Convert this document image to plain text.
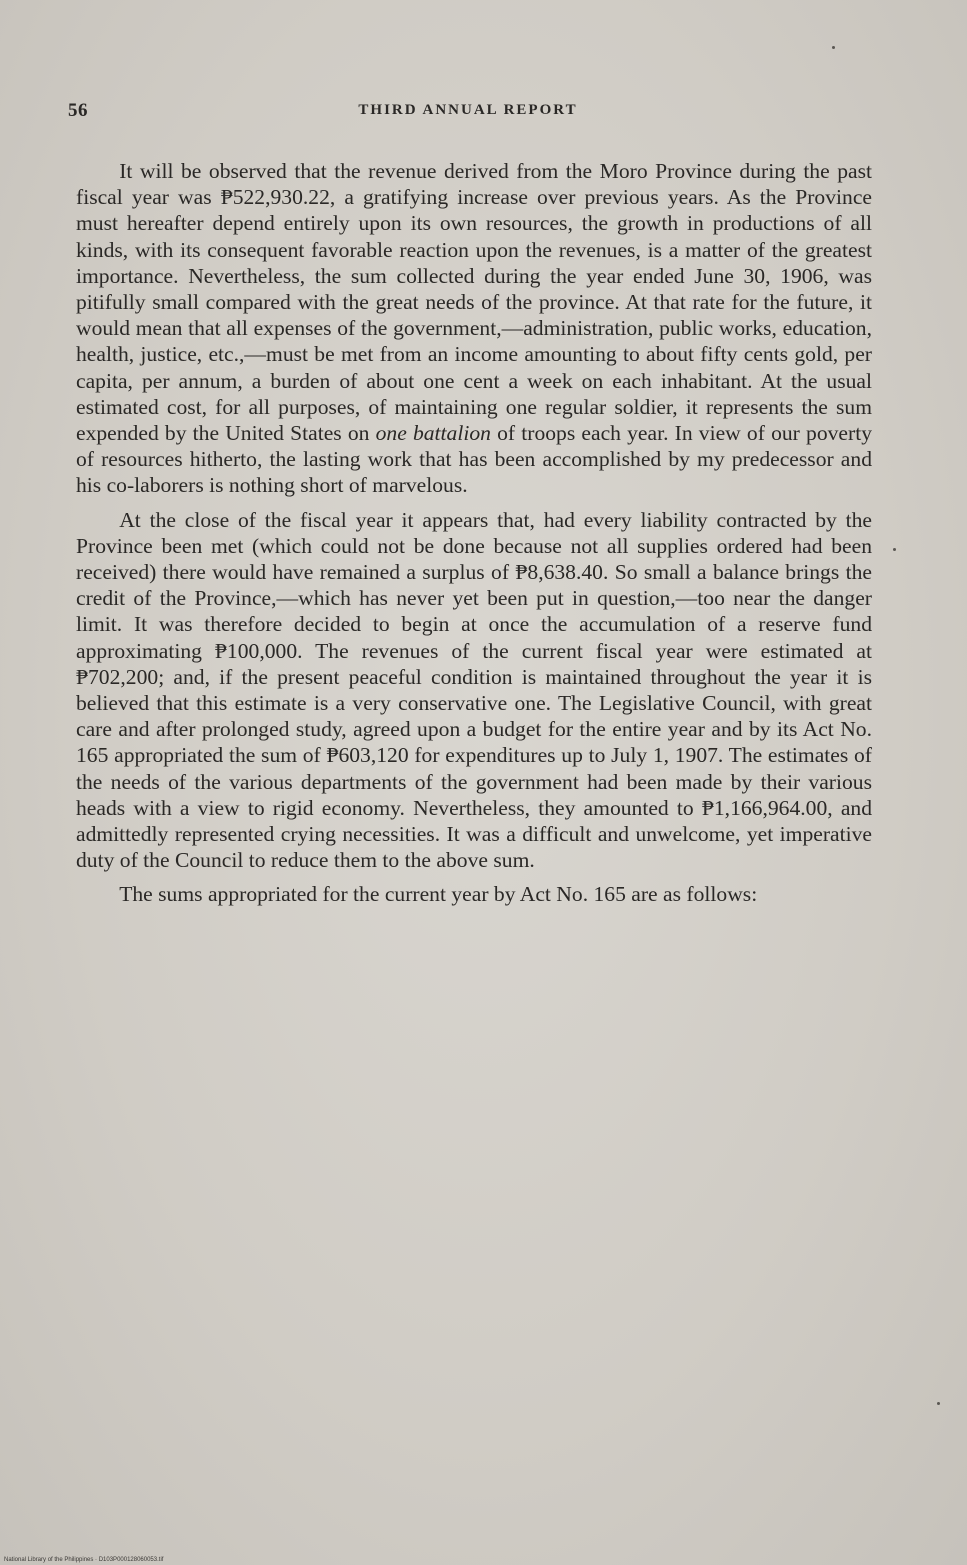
56	THIRD ANNUAL REPORT

It will be observed that the revenue derived from the Moro Province during the past fiscal year was ₱522,930.22, a gratifying increase over previous years. As the Province must hereafter depend entirely upon its own resources, the growth in productions of all kinds, with its consequent favorable reaction upon the revenues, is a matter of the greatest importance. Nevertheless, the sum collected during the year ended June 30, 1906, was pitifully small compared with the great needs of the province. At that rate for the future, it would mean that all expenses of the government,—administration, public works, education, health, justice, etc.,—must be met from an income amounting to about fifty cents gold, per capita, per annum, a burden of about one cent a week on each inhabitant. At the usual estimated cost, for all purposes, of maintaining one regular soldier, it represents the sum expended by the United States on one battalion of troops each year. In view of our poverty of resources hitherto, the lasting work that has been accomplished by my predecessor and his co-laborers is nothing short of marvelous.

At the close of the fiscal year it appears that, had every liability contracted by the Province been met (which could not be done because not all supplies ordered had been received) there would have remained a surplus of ₱8,638.40. So small a balance brings the credit of the Province,—which has never yet been put in question,—too near the danger limit. It was therefore decided to begin at once the accumulation of a reserve fund approximating ₱100,000. The revenues of the current fiscal year were estimated at ₱702,200; and, if the present peaceful condition is maintained throughout the year it is believed that this estimate is a very conservative one. The Legislative Council, with great care and after prolonged study, agreed upon a budget for the entire year and by its Act No. 165 appropriated the sum of ₱603,120 for expenditures up to July 1, 1907. The estimates of the needs of the various departments of the government had been made by their various heads with a view to rigid economy. Nevertheless, they amounted to ₱1,166,964.00, and admittedly represented crying necessities. It was a difficult and unwelcome, yet imperative duty of the Council to reduce them to the above sum.

The sums appropriated for the current year by Act No. 165 are as follows:

National Library of the Philippines · D103P000128060053.tif
